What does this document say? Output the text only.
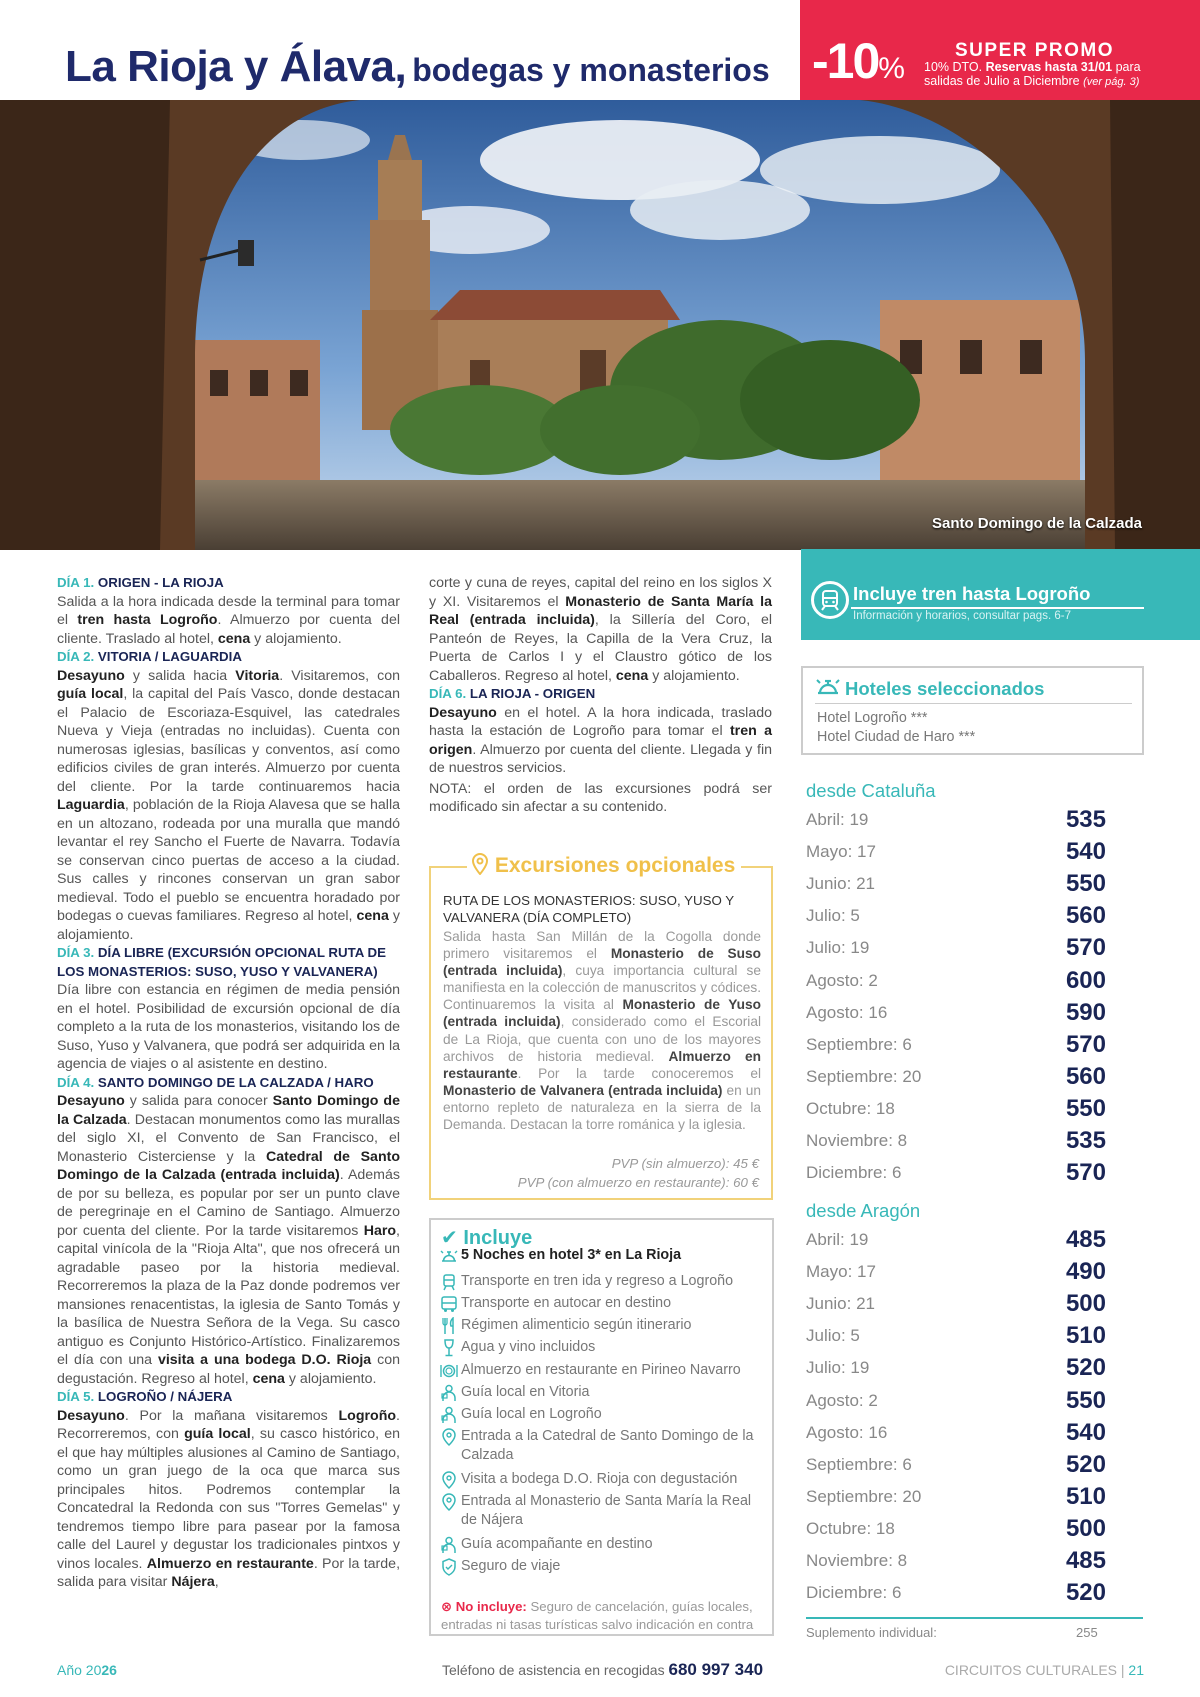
La Rioja y Álava, bodegas y monasterios -10%
SUPER PROMO
10% DTO. Reservas hasta 31/01 para
salidas de Julio a Diciembre (ver pág. 3)
Santo Domingo de la Calzada
DÍA 1. ORIGEN - LA RIOJA

Salida a la hora indicada desde la terminal para tomar el tren hasta Logroño. Almuerzo por cuenta del cliente. Traslado al hotel, cena y alojamiento.

DÍA 2. VITORIA / LAGUARDIA

Desayuno y salida hacia Vitoria. Visitaremos, con guía local, la capital del País Vasco, donde destacan el Palacio de Escoriaza-Esquivel, las catedrales Nueva y Vieja (entradas no incluidas). Cuenta con numerosas iglesias, basílicas y conventos, así como edificios civiles de gran interés. Almuerzo por cuenta del cliente. Por la tarde continuaremos hacia Laguardia, población de la Rioja Alavesa que se halla en un altozano, rodeada por una muralla que mandó levantar el rey Sancho el Fuerte de Navarra. Todavía se conservan cinco puertas de acceso a la ciudad. Sus calles y rincones conservan un gran sabor medieval. Todo el pueblo se encuentra horadado por bodegas o cuevas familiares. Regreso al hotel, cena y alojamiento.

DÍA 3. DÍA LIBRE (EXCURSIÓN OPCIONAL RUTA DE LOS MONASTERIOS: SUSO, YUSO Y VALVANERA)

Día libre con estancia en régimen de media pensión en el hotel. Posibilidad de excursión opcional de día completo a la ruta de los monasterios, visitando los de Suso, Yuso y Valvanera, que podrá ser adquirida en la agencia de viajes o al asistente en destino.

DÍA 4. SANTO DOMINGO DE LA CALZADA / HARO

Desayuno y salida para conocer Santo Domingo de la Calzada. Destacan monumentos como las murallas del siglo XI, el Convento de San Francisco, el Monasterio Cisterciense y la Catedral de Santo Domingo de la Calzada (entrada incluida). Además de por su belleza, es popular por ser un punto clave de peregrinaje en el Camino de Santiago. Almuerzo por cuenta del cliente. Por la tarde visitaremos Haro, capital vinícola de la "Rioja Alta", que nos ofrecerá un agradable paseo por la historia medieval. Recorreremos la plaza de la Paz donde podremos ver mansiones renacentistas, la iglesia de Santo Tomás y la basílica de Nuestra Señora de la Vega. Su casco antiguo es Conjunto Histórico-Artístico. Finalizaremos el día con una visita a una bodega D.O. Rioja con degustación. Regreso al hotel, cena y alojamiento.

DÍA 5. LOGROÑO / NÁJERA

Desayuno. Por la mañana visitaremos Logroño. Recorreremos, con guía local, su casco histórico, en el que hay múltiples alusiones al Camino de Santiago, como un gran juego de la oca que marca sus principales hitos. Podremos contemplar la Concatedral la Redonda con sus "Torres Gemelas" y tendremos tiempo libre para pasear por la famosa calle del Laurel y degustar los tradicionales pintxos y vinos locales. Almuerzo en restaurante. Por la tarde, salida para visitar Nájera,

corte y cuna de reyes, capital del reino en los siglos X y XI. Visitaremos el Monasterio de Santa María la Real (entrada incluida), la Sillería del Coro, el Panteón de Reyes, la Capilla de la Vera Cruz, la Puerta de Carlos I y el Claustro gótico de los Caballeros. Regreso al hotel, cena y alojamiento.

DÍA 6. LA RIOJA - ORIGEN

Desayuno en el hotel. A la hora indicada, traslado hasta la estación de Logroño para tomar el tren a origen. Almuerzo por cuenta del cliente. Llegada y fin de nuestros servicios.

NOTA: el orden de las excursiones podrá ser modificado sin afectar a su contenido.

Excursiones opcionales
RUTA DE LOS MONASTERIOS: SUSO, YUSO Y VALVANERA (DÍA COMPLETO)
Salida hasta San Millán de la Cogolla donde primero visitaremos el Monasterio de Suso (entrada incluida), cuya importancia cultural se manifiesta en la colección de manuscritos y códices. Continuaremos la visita al Monasterio de Yuso (entrada incluida), considerado como el Escorial de La Rioja, que cuenta con uno de los mayores archivos de historia medieval. Almuerzo en restaurante. Por la tarde conoceremos el Monasterio de Valvanera (entrada incluida) en un entorno repleto de naturaleza en la sierra de la Demanda. Destacan la torre románica y la iglesia.
PVP (sin almuerzo): 45 €
PVP (con almuerzo en restaurante): 60 €
✔ Incluye
5 Noches en hotel 3* en La Rioja
Transporte en tren ida y regreso a Logroño
Transporte en autocar en destino
Régimen alimenticio según itinerario
Agua y vino incluidos
Almuerzo en restaurante en Pirineo Navarro
Guía local en Vitoria
Guía local en Logroño
Entrada a la Catedral de Santo Domingo de la Calzada
Visita a bodega D.O. Rioja con degustación
Entrada al Monasterio de Santa María la Real de Nájera
Guía acompañante en destino
Seguro de viaje
⊗ No incluye: Seguro de cancelación, guías locales, entradas ni tasas turísticas salvo indicación en contra
Incluye tren hasta Logroño
Información y horarios, consultar pags. 6-7
Hoteles seleccionados
Hotel Logroño ***
Hotel Ciudad de Haro ***
desde Cataluña
Abril: 19	535
Mayo: 17	540
Junio: 21	550
Julio: 5	560
Julio: 19	570
Agosto: 2	600
Agosto: 16	590
Septiembre: 6	570
Septiembre: 20	560
Octubre: 18	550
Noviembre: 8	535
Diciembre: 6	570
desde Aragón
Abril: 19	485
Mayo: 17	490
Junio: 21	500
Julio: 5	510
Julio: 19	520
Agosto: 2	550
Agosto: 16	540
Septiembre: 6	520
Septiembre: 20	510
Octubre: 18	500
Noviembre: 8	485
Diciembre: 6	520
Suplemento individual:	255
Año 2026	Teléfono de asistencia en recogidas 680 997 340	CIRCUITOS CULTURALES | 21
